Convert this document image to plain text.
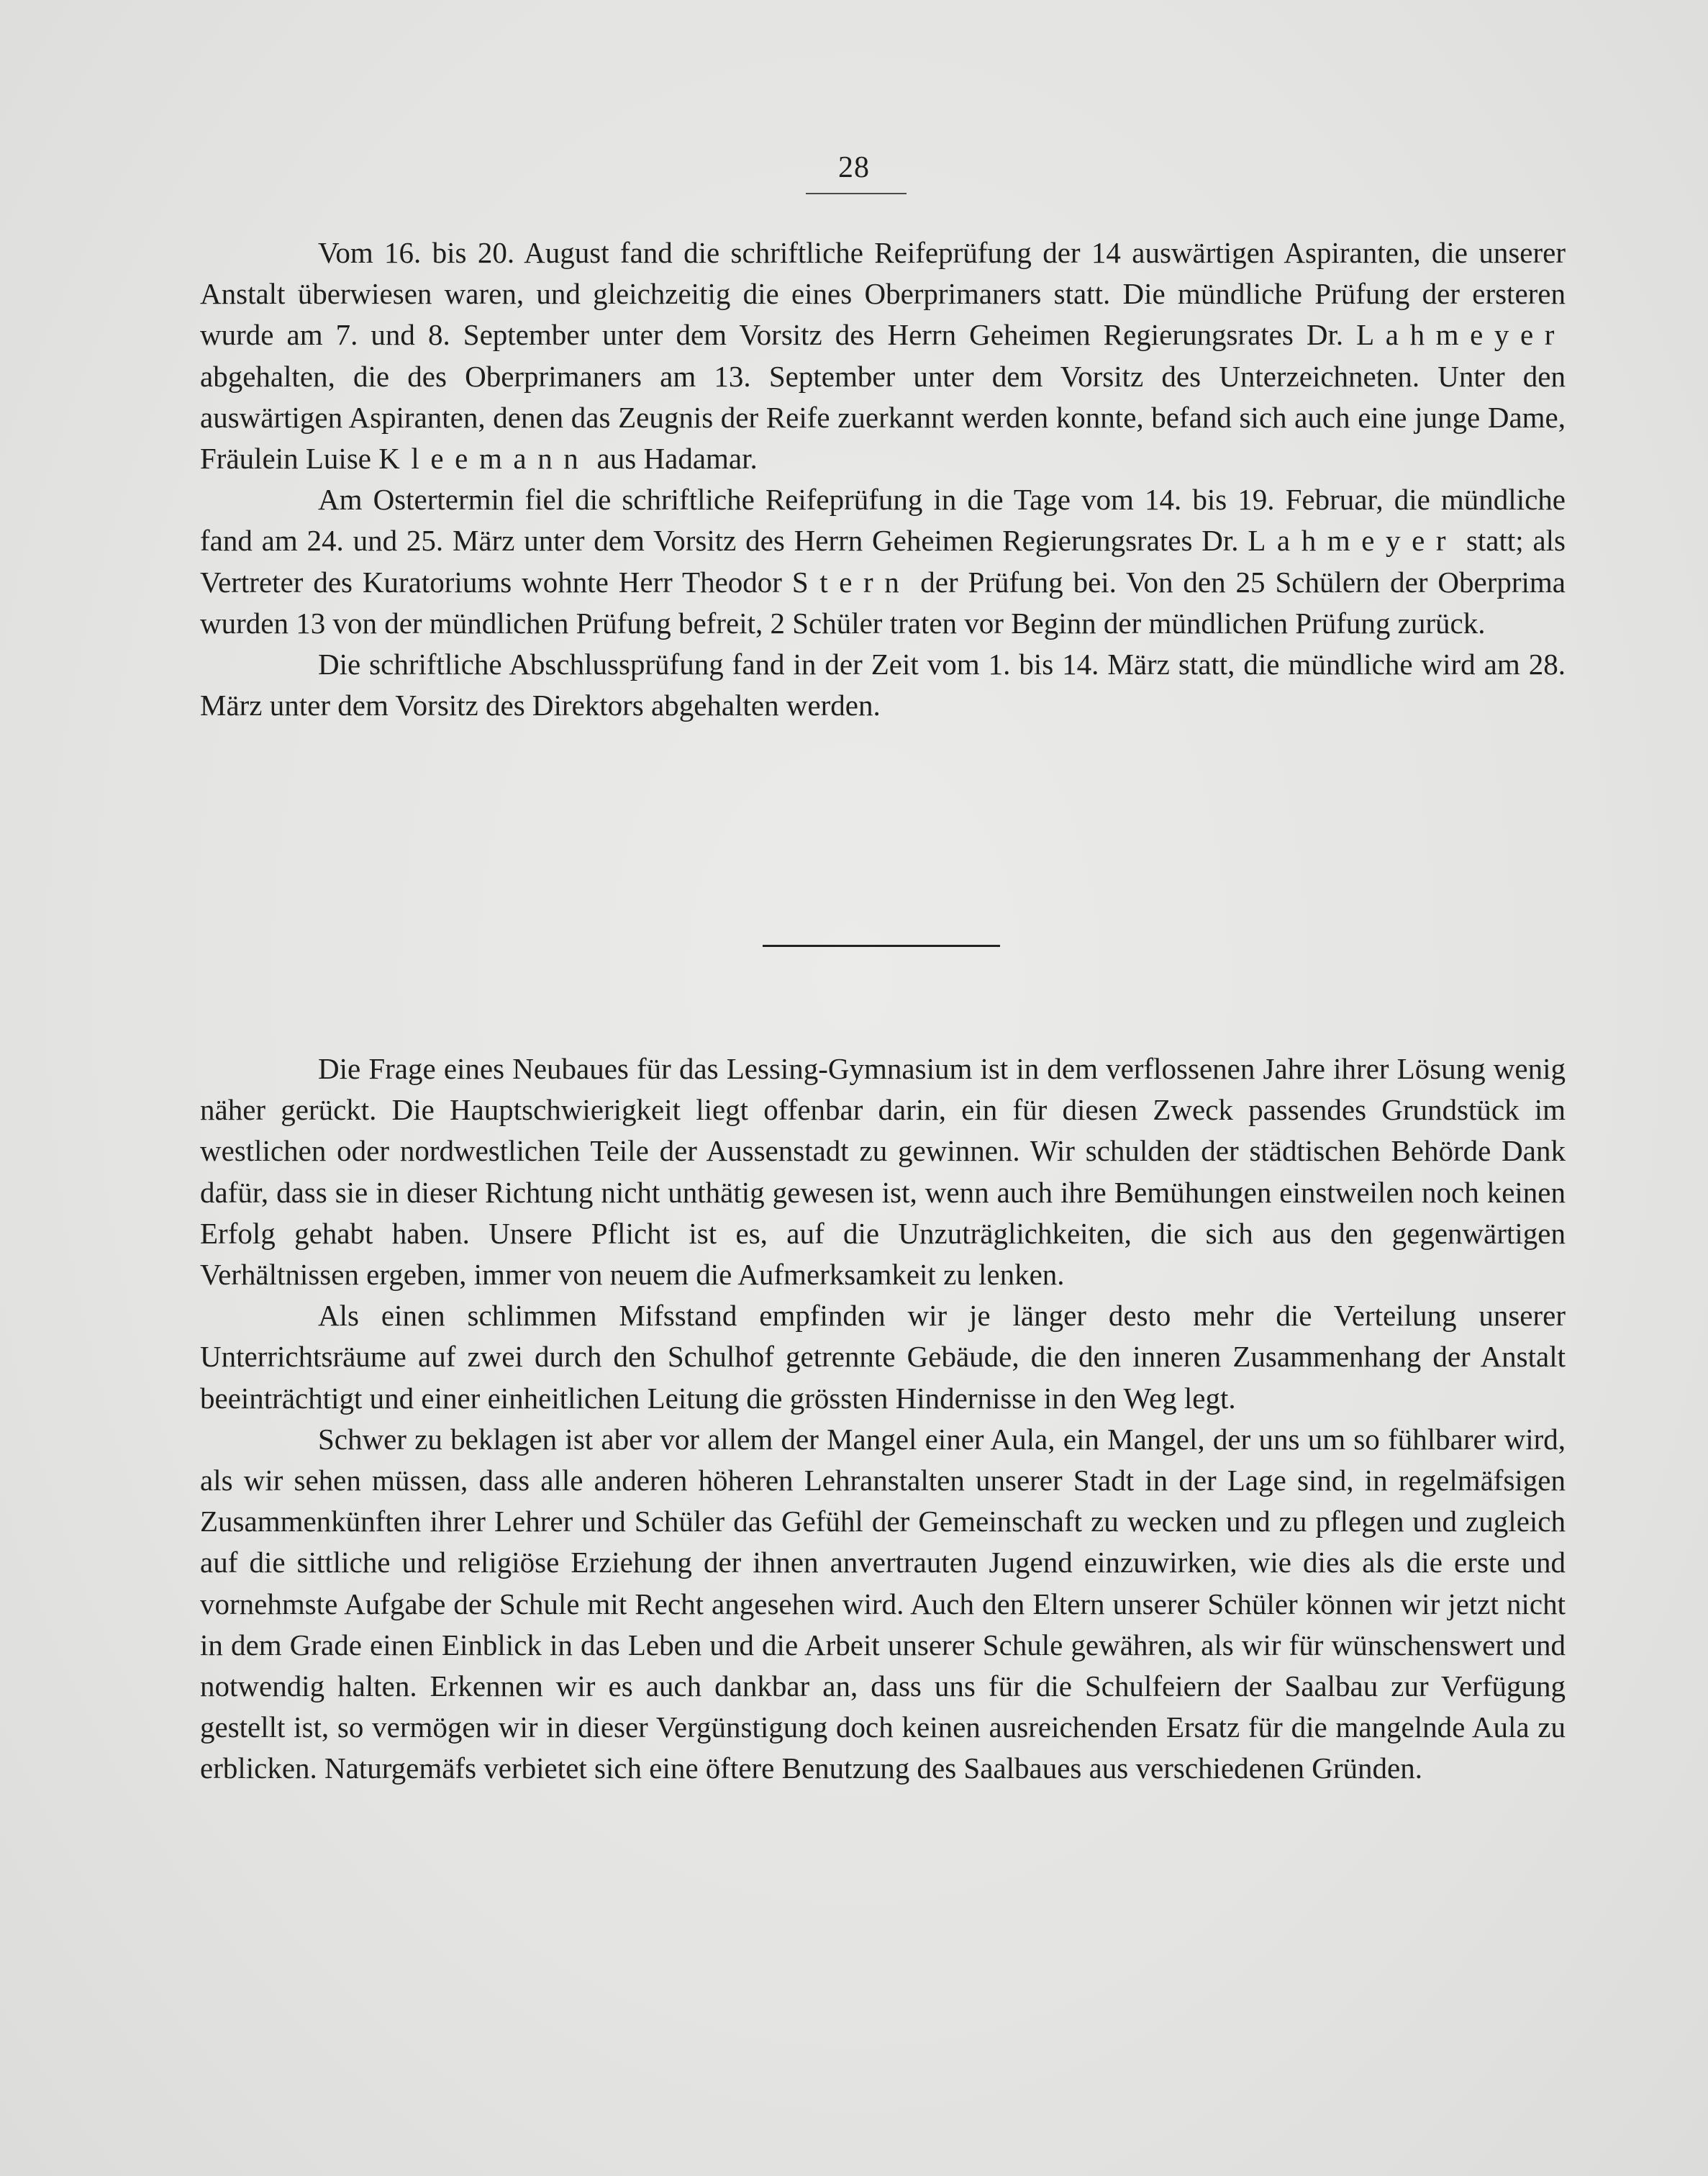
28

Vom 16. bis 20. August fand die schriftliche Reifeprüfung der 14 auswärtigen Aspiranten, die unserer Anstalt überwiesen waren, und gleichzeitig die eines Oberprimaners statt. Die mündliche Prüfung der ersteren wurde am 7. und 8. September unter dem Vorsitz des Herrn Geheimen Regierungsrates Dr. Lahmeyer abgehalten, die des Oberprimaners am 13. September unter dem Vorsitz des Unterzeichneten. Unter den auswärtigen Aspiranten, denen das Zeugnis der Reife zuerkannt werden konnte, befand sich auch eine junge Dame, Fräulein Luise Kleemann aus Hadamar.

Am Ostertermin fiel die schriftliche Reifeprüfung in die Tage vom 14. bis 19. Februar, die mündliche fand am 24. und 25. März unter dem Vorsitz des Herrn Geheimen Regierungsrates Dr. Lahmeyer statt; als Vertreter des Kuratoriums wohnte Herr Theodor Stern der Prüfung bei. Von den 25 Schülern der Oberprima wurden 13 von der mündlichen Prüfung befreit, 2 Schüler traten vor Beginn der mündlichen Prüfung zurück.

Die schriftliche Abschlussprüfung fand in der Zeit vom 1. bis 14. März statt, die mündliche wird am 28. März unter dem Vorsitz des Direktors abgehalten werden.

Die Frage eines Neubaues für das Lessing-Gymnasium ist in dem verflossenen Jahre ihrer Lösung wenig näher gerückt. Die Hauptschwierigkeit liegt offenbar darin, ein für diesen Zweck passendes Grundstück im westlichen oder nordwestlichen Teile der Aussenstadt zu gewinnen. Wir schulden der städtischen Behörde Dank dafür, dass sie in dieser Richtung nicht unthätig gewesen ist, wenn auch ihre Bemühungen einstweilen noch keinen Erfolg gehabt haben. Unsere Pflicht ist es, auf die Unzuträglichkeiten, die sich aus den gegenwärtigen Verhältnissen ergeben, immer von neuem die Aufmerksamkeit zu lenken.

Als einen schlimmen Mifsstand empfinden wir je länger desto mehr die Verteilung unserer Unterrichtsräume auf zwei durch den Schulhof getrennte Gebäude, die den inneren Zusammenhang der Anstalt beeinträchtigt und einer einheitlichen Leitung die grössten Hindernisse in den Weg legt.

Schwer zu beklagen ist aber vor allem der Mangel einer Aula, ein Mangel, der uns um so fühlbarer wird, als wir sehen müssen, dass alle anderen höheren Lehranstalten unserer Stadt in der Lage sind, in regelmäfsigen Zusammenkünften ihrer Lehrer und Schüler das Gefühl der Gemeinschaft zu wecken und zu pflegen und zugleich auf die sittliche und religiöse Erziehung der ihnen anvertrauten Jugend einzuwirken, wie dies als die erste und vornehmste Aufgabe der Schule mit Recht angesehen wird. Auch den Eltern unserer Schüler können wir jetzt nicht in dem Grade einen Einblick in das Leben und die Arbeit unserer Schule gewähren, als wir für wünschenswert und notwendig halten. Erkennen wir es auch dankbar an, dass uns für die Schulfeiern der Saalbau zur Verfügung gestellt ist, so vermögen wir in dieser Vergünstigung doch keinen ausreichenden Ersatz für die mangelnde Aula zu erblicken. Naturgemäfs verbietet sich eine öftere Benutzung des Saalbaues aus verschiedenen Gründen.
